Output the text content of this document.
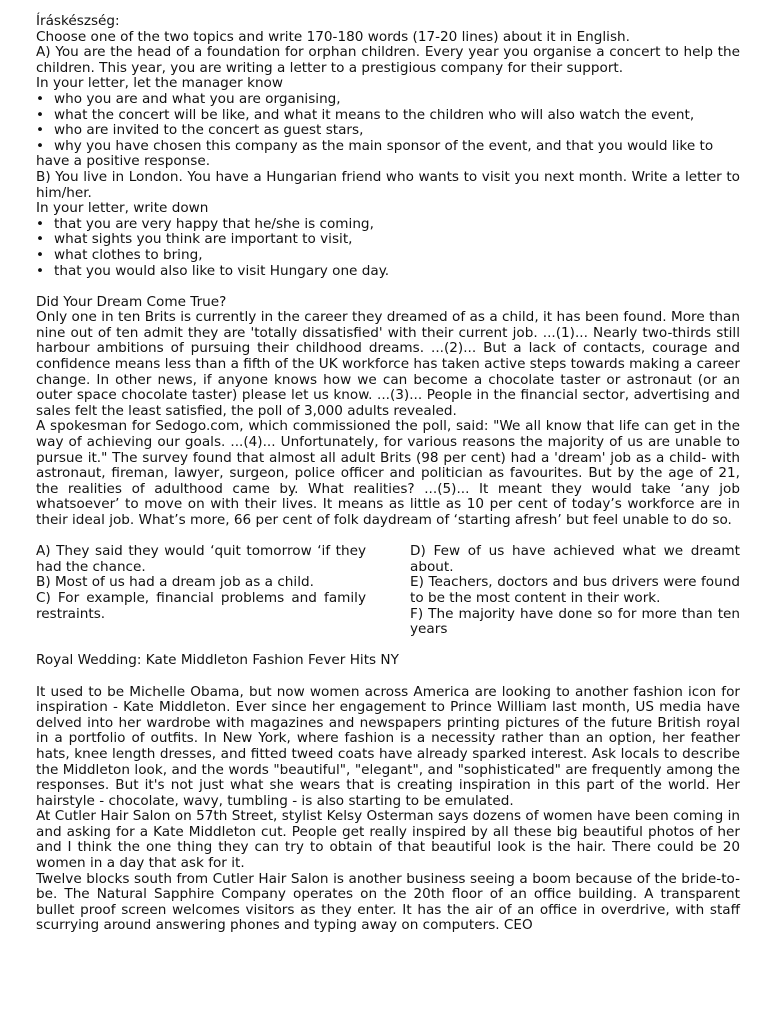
Íráskészség:

Choose one of the two topics and write 170-180 words (17-20 lines) about it in English.

A) You are the head of a foundation for orphan children. Every year you organise a concert to help the children. This year, you are writing a letter to a prestigious company for their support.

In your letter, let the manager know

• who you are and what you are organising,

• what the concert will be like, and what it means to the children who will also watch the event,

• who are invited to the concert as guest stars,

• why you have chosen this company as the main sponsor of the event, and that you would like to

have a positive response.

B) You live in London. You have a Hungarian friend who wants to visit you next month. Write a letter to him/her.

In your letter, write down

• that you are very happy that he/she is coming,

• what sights you think are important to visit,

• what clothes to bring,

• that you would also like to visit Hungary one day.

Did Your Dream Come True?

Only one in ten Brits is currently in the career they dreamed of as a child, it has been found. More than nine out of ten admit they are 'totally dissatisfied' with their current job. ...(1)... Nearly two-thirds still harbour ambitions of pursuing their childhood dreams. ...(2)... But a lack of contacts, courage and confidence means less than a fifth of the UK workforce has taken active steps towards making a career change. In other news, if anyone knows how we can become a chocolate taster or astronaut (or an outer space chocolate taster) please let us know. ...(3)... People in the financial sector, advertising and sales felt the least satisfied, the poll of 3,000 adults revealed.

A spokesman for Sedogo.com, which commissioned the poll, said: "We all know that life can get in the way of achieving our goals. ...(4)... Unfortunately, for various reasons the majority of us are unable to pursue it." The survey found that almost all adult Brits (98 per cent) had a 'dream' job as a child- with astronaut, fireman, lawyer, surgeon, police officer and politician as favourites. But by the age of 21, the realities of adulthood came by. What realities? ...(5)... It meant they would take ‘any job whatsoever’ to move on with their lives. It means as little as 10 per cent of today’s workforce are in their ideal job. What’s more, 66 per cent of folk daydream of ‘starting afresh’ but feel unable to do so.

A) They said they would ‘quit tomorrow ‘if they had the chance.

B) Most of us had a dream job as a child.

C) For example, financial problems and family restraints.

D) Few of us have achieved what we dreamt about.

E) Teachers, doctors and bus drivers were found to be the most content in their work.

F) The majority have done so for more than ten years

Royal Wedding: Kate Middleton Fashion Fever Hits NY

It used to be Michelle Obama, but now women across America are looking to another fashion icon for inspiration - Kate Middleton. Ever since her engagement to Prince William last month, US media have delved into her wardrobe with magazines and newspapers printing pictures of the future British royal in a portfolio of outfits. In New York, where fashion is a necessity rather than an option, her feather hats, knee length dresses, and fitted tweed coats have already sparked interest. Ask locals to describe the Middleton look, and the words "beautiful", "elegant", and "sophisticated" are frequently among the responses. But it's not just what she wears that is creating inspiration in this part of the world. Her hairstyle - chocolate, wavy, tumbling - is also starting to be emulated.

At Cutler Hair Salon on 57th Street, stylist Kelsy Osterman says dozens of women have been coming in and asking for a Kate Middleton cut. People get really inspired by all these big beautiful photos of her and I think the one thing they can try to obtain of that beautiful look is the hair. There could be 20 women in a day that ask for it.

Twelve blocks south from Cutler Hair Salon is another business seeing a boom because of the bride-to-be. The Natural Sapphire Company operates on the 20th floor of an office building. A transparent bullet proof screen welcomes visitors as they enter. It has the air of an office in overdrive, with staff scurrying around answering phones and typing away on computers. CEO
